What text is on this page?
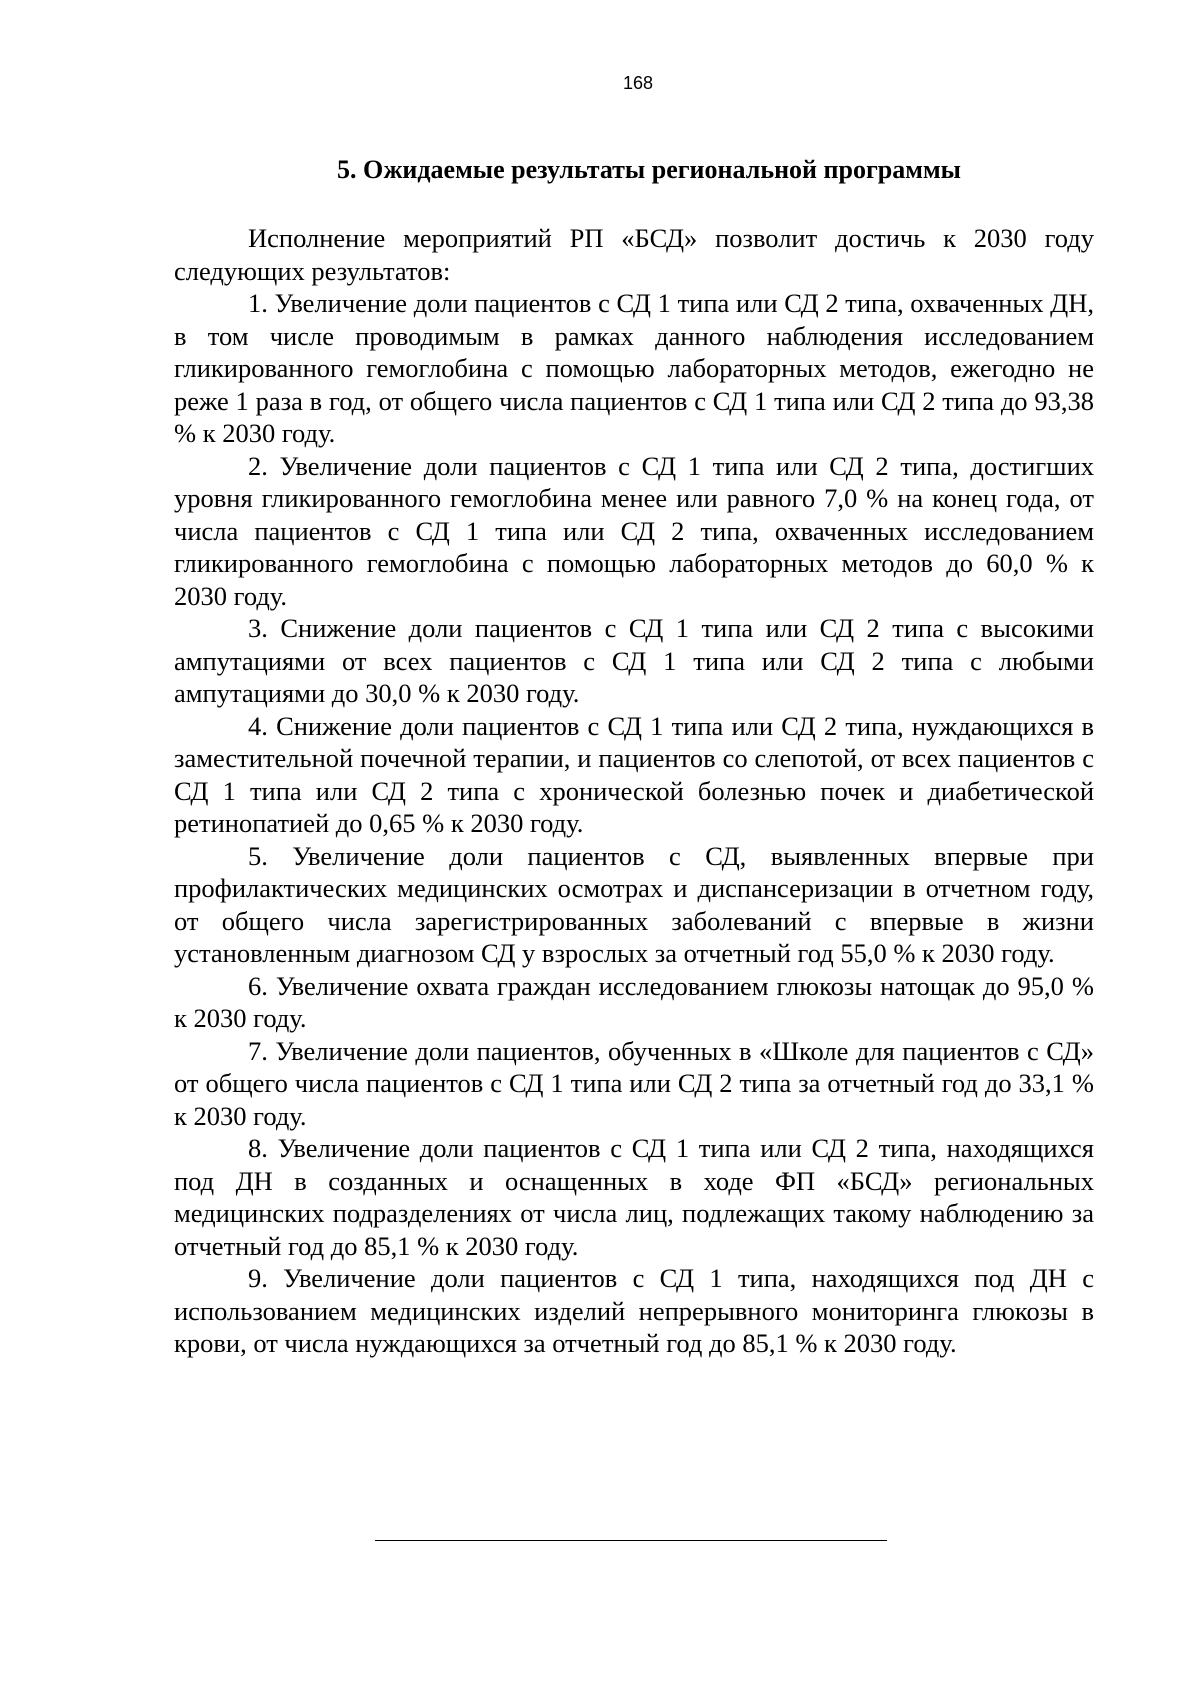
168
5. Ожидаемые результаты региональной программы

Исполнение мероприятий РП «БСД» позволит достичь к 2030 году следующих результатов:

1. Увеличение доли пациентов с СД 1 типа или СД 2 типа, охваченных ДН, в том числе проводимым в рамках данного наблюдения исследованием гликированного гемоглобина с помощью лабораторных методов, ежегодно не реже 1 раза в год, от общего числа пациентов с СД 1 типа или СД 2 типа до 93,38 % к 2030 году.

2. Увеличение доли пациентов с СД 1 типа или СД 2 типа, достигших уровня гликированного гемоглобина менее или равного 7,0 % на конец года, от числа пациентов с СД 1 типа или СД 2 типа, охваченных исследованием гликированного гемоглобина с помощью лабораторных методов до 60,0 % к 2030 году.

3. Снижение доли пациентов с СД 1 типа или СД 2 типа с высокими ампутациями от всех пациентов с СД 1 типа или СД 2 типа с любыми ампутациями до 30,0 % к 2030 году.

4. Снижение доли пациентов с СД 1 типа или СД 2 типа, нуждающихся в заместительной почечной терапии, и пациентов со слепотой, от всех пациентов с СД 1 типа или СД 2 типа с хронической болезнью почек и диабетической ретинопатией до 0,65 % к 2030 году.

5. Увеличение доли пациентов с СД, выявленных впервые при профилактических медицинских осмотрах и диспансеризации в отчетном году, от общего числа зарегистрированных заболеваний с впервые в жизни установленным диагнозом СД у взрослых за отчетный год 55,0 % к 2030 году.

6. Увеличение охвата граждан исследованием глюкозы натощак до 95,0 % к 2030 году.

7. Увеличение доли пациентов, обученных в «Школе для пациентов с СД» от общего числа пациентов с СД 1 типа или СД 2 типа за отчетный год до 33,1 % к 2030 году.

8. Увеличение доли пациентов с СД 1 типа или СД 2 типа, находящихся под ДН в созданных и оснащенных в ходе ФП «БСД» региональных медицинских подразделениях от числа лиц, подлежащих такому наблюдению за отчетный год до 85,1 % к 2030 году.

9. Увеличение доли пациентов с СД 1 типа, находящихся под ДН с использованием медицинских изделий непрерывного мониторинга глюкозы в крови, от числа нуждающихся за отчетный год до 85,1 % к 2030 году.
